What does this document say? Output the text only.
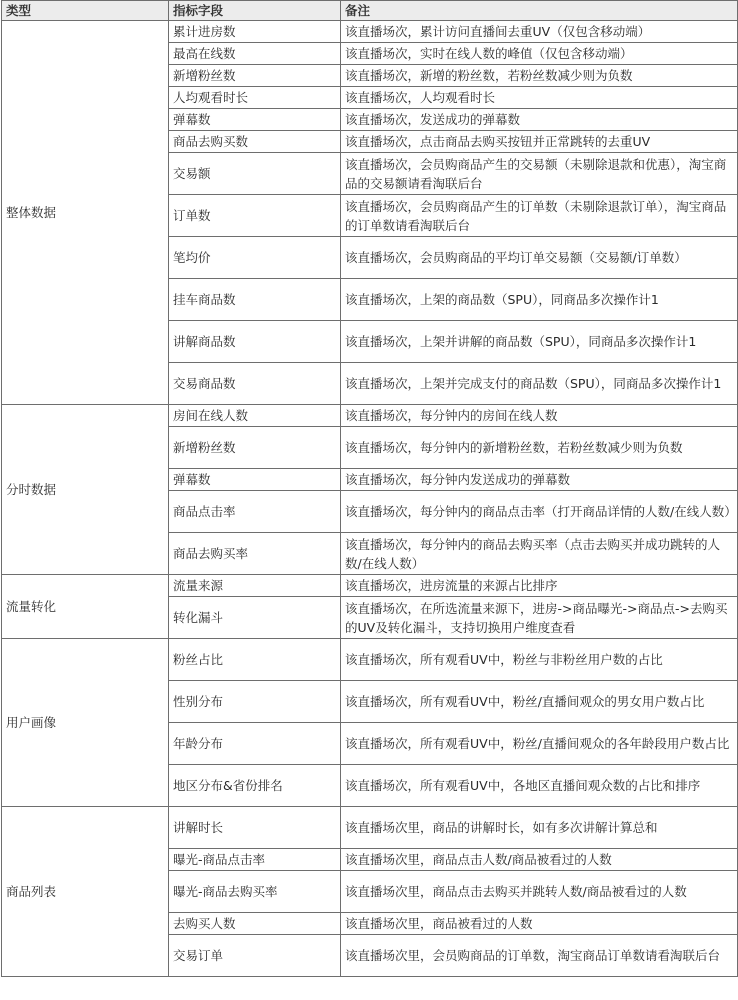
类型	指标字段	备注
整体数据	累计进房数	该直播场次，累计访问直播间去重UV（仅包含移动端）
	最高在线数	该直播场次，实时在线人数的峰值（仅包含移动端）
	新增粉丝数	该直播场次，新增的粉丝数，若粉丝数减少则为负数
	人均观看时长	该直播场次，人均观看时长
	弹幕数	该直播场次，发送成功的弹幕数
	商品去购买数	该直播场次，点击商品去购买按钮并正常跳转的去重UV
	交易额	该直播场次，会员购商品产生的交易额（未剔除退款和优惠），淘宝商品的交易额请看淘联后台
	订单数	该直播场次，会员购商品产生的订单数（未剔除退款订单），淘宝商品的订单数请看淘联后台
	笔均价	该直播场次，会员购商品的平均订单交易额（交易额/订单数）
	挂车商品数	该直播场次，上架的商品数（SPU），同商品多次操作计1
	讲解商品数	该直播场次，上架并讲解的商品数（SPU），同商品多次操作计1
	交易商品数	该直播场次，上架并完成支付的商品数（SPU），同商品多次操作计1
分时数据	房间在线人数	该直播场次，每分钟内的房间在线人数
	新增粉丝数	该直播场次，每分钟内的新增粉丝数，若粉丝数减少则为负数
	弹幕数	该直播场次，每分钟内发送成功的弹幕数
	商品点击率	该直播场次，每分钟内的商品点击率（打开商品详情的人数/在线人数）
	商品去购买率	该直播场次，每分钟内的商品去购买率（点击去购买并成功跳转的人数/在线人数）
流量转化	流量来源	该直播场次，进房流量的来源占比排序
	转化漏斗	该直播场次，在所选流量来源下，进房->商品曝光->商品点->去购买的UV及转化漏斗，支持切换用户维度查看
用户画像	粉丝占比	该直播场次，所有观看UV中，粉丝与非粉丝用户数的占比
	性别分布	该直播场次，所有观看UV中，粉丝/直播间观众的男女用户数占比
	年龄分布	该直播场次，所有观看UV中，粉丝/直播间观众的各年龄段用户数占比
	地区分布&省份排名	该直播场次，所有观看UV中，各地区直播间观众数的占比和排序
商品列表	讲解时长	该直播场次里，商品的讲解时长，如有多次讲解计算总和
	曝光-商品点击率	该直播场次里，商品点击人数/商品被看过的人数
	曝光-商品去购买率	该直播场次里，商品点击去购买并跳转人数/商品被看过的人数
	去购买人数	该直播场次里，商品被看过的人数
	交易订单	该直播场次里，会员购商品的订单数，淘宝商品订单数请看淘联后台
